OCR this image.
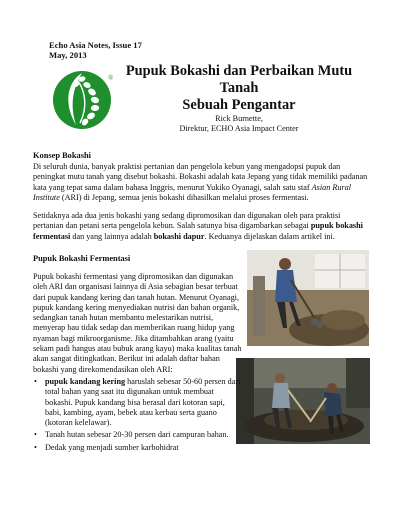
Echo Asia Notes, Issue 17
May, 2013
® Pupuk Bokashi dan Perbaikan Mutu
Tanah
Sebuah Pengantar
Rick Burnette,
Direktur, ECHO Asia Impact Center
Konsep Bokashi
Di seluruh dunia, banyak praktisi pertanian dan pengelola kebun yang mengadopsi pupuk dan peningkat mutu tanah yang disebut bokashi. Bokashi adalah kata Jepang yang tidak memiliki padanan kata yang tepat sama dalam bahasa Inggris, menurut Yukiko Oyanagi, salah satu staf Asian Rural Institute (ARI) di Jepang, semua jenis bokashi dihasilkan melalui proses fermentasi.
Setidaknya ada dua jenis bokashi yang sedang dipromosikan dan digunakan oleh para praktisi pertanian dan petani serta pengelola kebun. Salah satunya bisa digambarkan sebagai pupuk bokashi fermentasi dan yang lainnya adalah bokashi dapur. Keduanya dijelaskan dalam artikel ini.
Pupuk Bokashi Fermentasi
Pupuk bokashi fermentasi yang dipromosikan dan digunakan oleh ARI dan organisasi lainnya di Asia sebagian besar terbuat dari pupuk kandang kering dan tanah hutan. Menurut Oyanagi, pupuk kandang kering menyediakan nutrisi dan bahan organik, sedangkan tanah hutan membantu melestarikan nutrisi, menyerap bau tidak sedap dan memberikan ruang hidup yang nyaman bagi mikroorganisme. Jika ditambahkan arang (yaitu sekam padi hangus atau bubuk arang kayu) maka kualitas tanah akan sangat ditingkatkan. Berikut ini adalah daftar bahan bokashi yang direkomendasikan oleh ARI:
• pupuk kandang kering haruslah sebesar 50-60 persen dari total bahan yang saat itu digunakan untuk membuat bokashi. Pupuk kandang bisa berasal dari kotoran sapi, babi, kambing, ayam, bebek atau kerbau serta guano (kotoran kelelawar).
• Tanah hutan sebesar 20-30 persen dari campuran bahan.
• Dedak yang menjadi sumber karbohidrat
